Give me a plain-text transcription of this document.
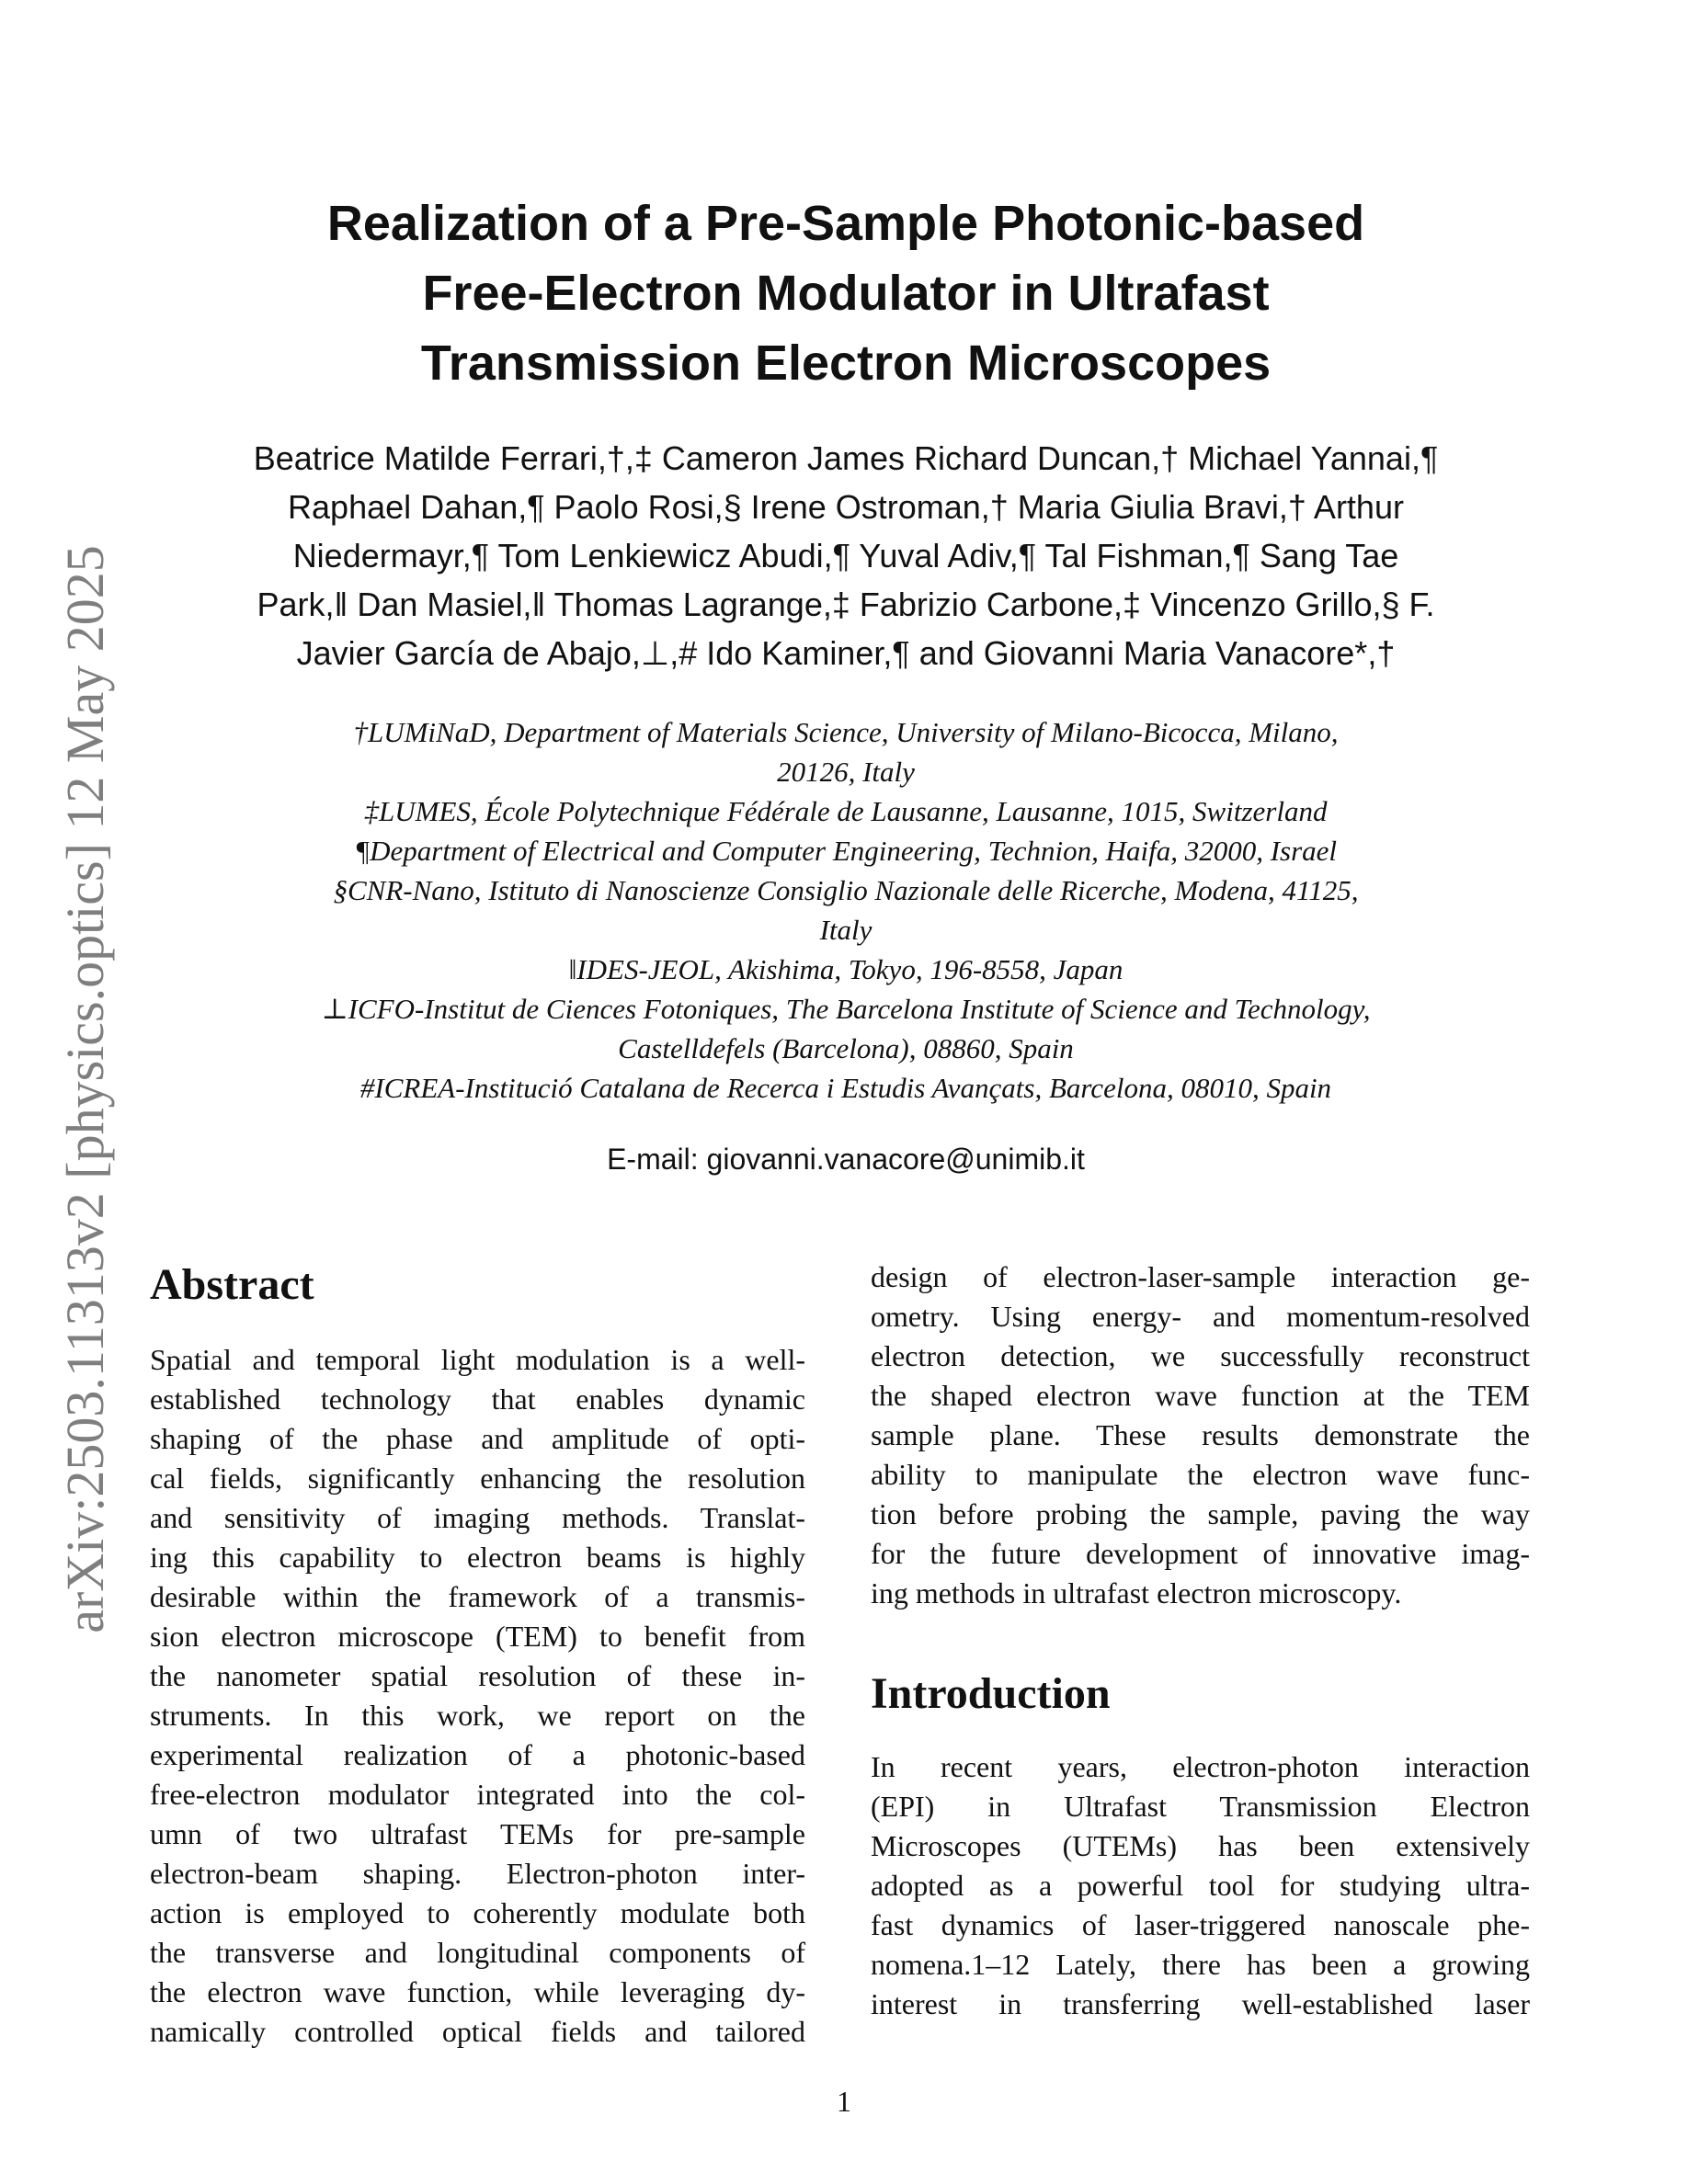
arXiv:2503.11313v2 [physics.optics] 12 May 2025
Realization of a Pre-Sample Photonic-based
Free-Electron Modulator in Ultrafast
Transmission Electron Microscopes
Beatrice Matilde Ferrari,†,‡ Cameron James Richard Duncan,† Michael Yannai,¶
Raphael Dahan,¶ Paolo Rosi,§ Irene Ostroman,† Maria Giulia Bravi,† Arthur
Niedermayr,¶ Tom Lenkiewicz Abudi,¶ Yuval Adiv,¶ Tal Fishman,¶ Sang Tae
Park,‖ Dan Masiel,‖ Thomas Lagrange,‡ Fabrizio Carbone,‡ Vincenzo Grillo,§ F.
Javier García de Abajo,⊥,# Ido Kaminer,¶ and Giovanni Maria Vanacore*,†
†LUMiNaD, Department of Materials Science, University of Milano-Bicocca, Milano,
20126, Italy
‡LUMES, École Polytechnique Fédérale de Lausanne, Lausanne, 1015, Switzerland
¶Department of Electrical and Computer Engineering, Technion, Haifa, 32000, Israel
§CNR-Nano, Istituto di Nanoscienze Consiglio Nazionale delle Ricerche, Modena, 41125,
Italy
‖IDES-JEOL, Akishima, Tokyo, 196-8558, Japan
⊥ICFO-Institut de Ciences Fotoniques, The Barcelona Institute of Science and Technology,
Castelldefels (Barcelona), 08860, Spain
#ICREA-Institució Catalana de Recerca i Estudis Avançats, Barcelona, 08010, Spain
E-mail: giovanni.vanacore@unimib.it
Abstract

Spatial and temporal light modulation is a well-
established technology that enables dynamic
shaping of the phase and amplitude of opti-
cal fields, significantly enhancing the resolution
and sensitivity of imaging methods. Translat-
ing this capability to electron beams is highly
desirable within the framework of a transmis-
sion electron microscope (TEM) to benefit from
the nanometer spatial resolution of these in-
struments. In this work, we report on the
experimental realization of a photonic-based
free-electron modulator integrated into the col-
umn of two ultrafast TEMs for pre-sample
electron-beam shaping. Electron-photon inter-
action is employed to coherently modulate both
the transverse and longitudinal components of
the electron wave function, while leveraging dy-
namically controlled optical fields and tailored

design of electron-laser-sample interaction ge-
ometry. Using energy- and momentum-resolved
electron detection, we successfully reconstruct
the shaped electron wave function at the TEM
sample plane. These results demonstrate the
ability to manipulate the electron wave func-
tion before probing the sample, paving the way
for the future development of innovative imag-
ing methods in ultrafast electron microscopy.

Introduction

In recent years, electron-photon interaction
(EPI) in Ultrafast Transmission Electron
Microscopes (UTEMs) has been extensively
adopted as a powerful tool for studying ultra-
fast dynamics of laser-triggered nanoscale phe-
nomena.1–12 Lately, there has been a growing
interest in transferring well-established laser

1
